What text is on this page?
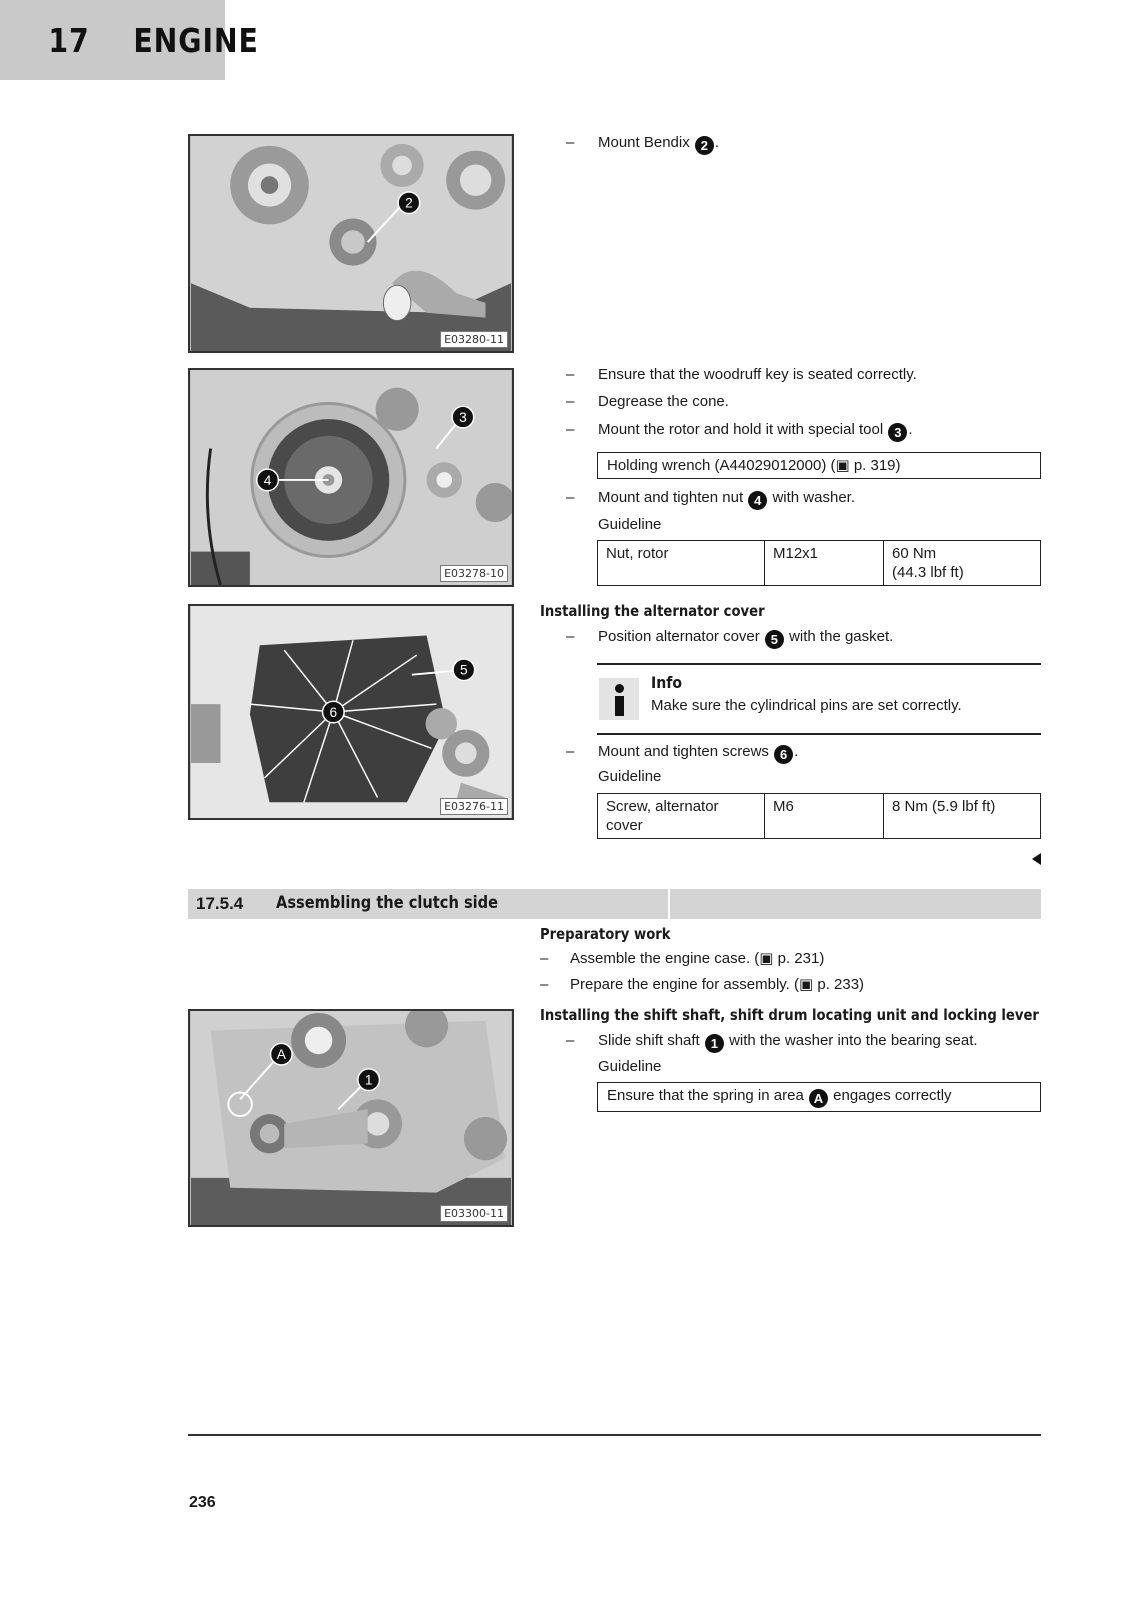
17 ENGINE
2
E03280-11
4
3
E03278-10
6
5
E03276-11
A
1
E03300-11
– Mount Bendix 2 .
– Ensure that the woodruff key is seated correctly.
– Degrease the cone.
– Mount the rotor and hold it with special tool 3 .
Holding wrench (A44029012000) (▣ p. 319)
– Mount and tighten nut 4 with washer.
Guideline
Nut, rotor	M12x1	60 Nm
(44.3 lbf ft)
Installing the alternator cover
– Position alternator cover 5 with the gasket.
Info
Make sure the cylindrical pins are set correctly.
– Mount and tighten screws 6 .
Guideline
Screw, alternator
cover	M6	8 Nm (5.9 lbf ft)
17.5.4 Assembling the clutch side
Preparatory work
– Assemble the engine case. (▣ p. 231)
– Prepare the engine for assembly. (▣ p. 233)
Installing the shift shaft, shift drum locating unit and locking lever
– Slide shift shaft 1 with the washer into the bearing seat.
Guideline
Ensure that the spring in area A engages correctly
236
